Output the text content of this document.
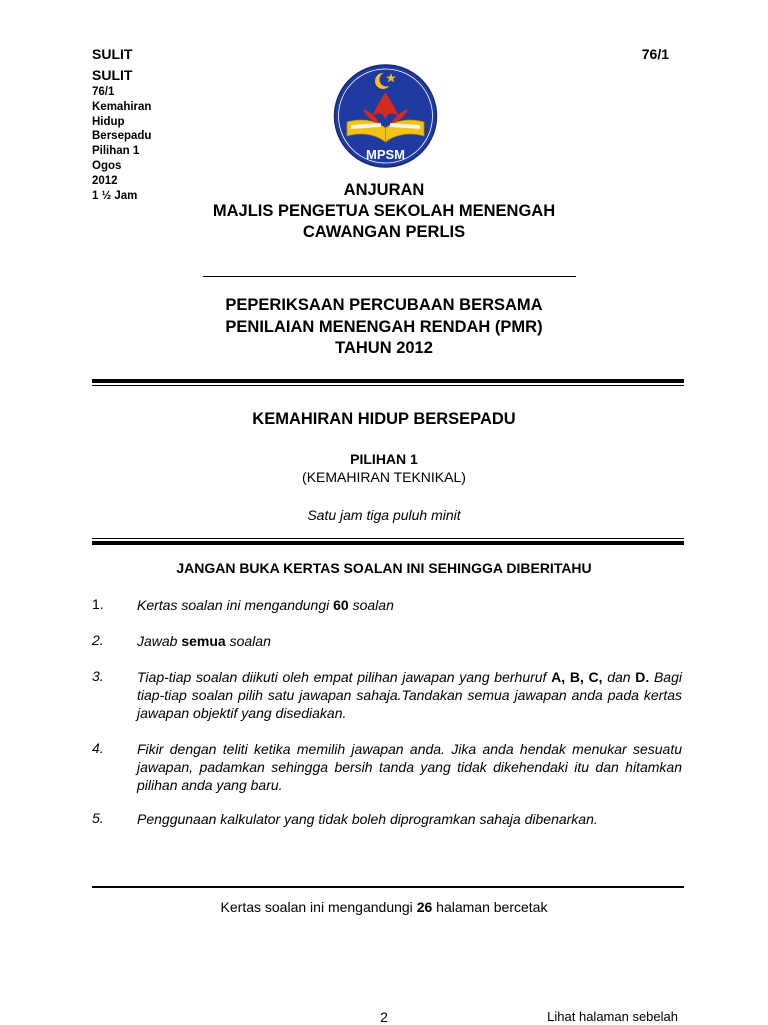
SULIT	76/1
SULIT
76/1
Kemahiran
Hidup
Bersepadu
Pilihan 1
Ogos
2012
1 ½ Jam
MPSM
ANJURAN
MAJLIS PENGETUA SEKOLAH MENENGAH
CAWANGAN PERLIS
PEPERIKSAAN PERCUBAAN BERSAMA
PENILAIAN MENENGAH RENDAH (PMR)
TAHUN 2012
KEMAHIRAN HIDUP BERSEPADU
PILIHAN 1
(KEMAHIRAN TEKNIKAL)
Satu jam tiga puluh minit
JANGAN BUKA KERTAS SOALAN INI SEHINGGA DIBERITAHU
1. Kertas soalan ini mengandungi 60 soalan
2. Jawab semua soalan
3. Tiap-tiap soalan diikuti oleh empat pilihan jawapan yang berhuruf A, B, C, dan D. Bagi tiap-tiap soalan pilih satu jawapan sahaja.Tandakan semua jawapan anda pada kertas jawapan objektif yang disediakan.
4. Fikir dengan teliti ketika memilih jawapan anda. Jika anda hendak menukar sesuatu jawapan, padamkan sehingga bersih tanda yang tidak dikehendaki itu dan hitamkan pilihan anda yang baru.
5. Penggunaan kalkulator yang tidak boleh diprogramkan sahaja dibenarkan.
Kertas soalan ini mengandungi 26 halaman bercetak
2	Lihat halaman sebelah
